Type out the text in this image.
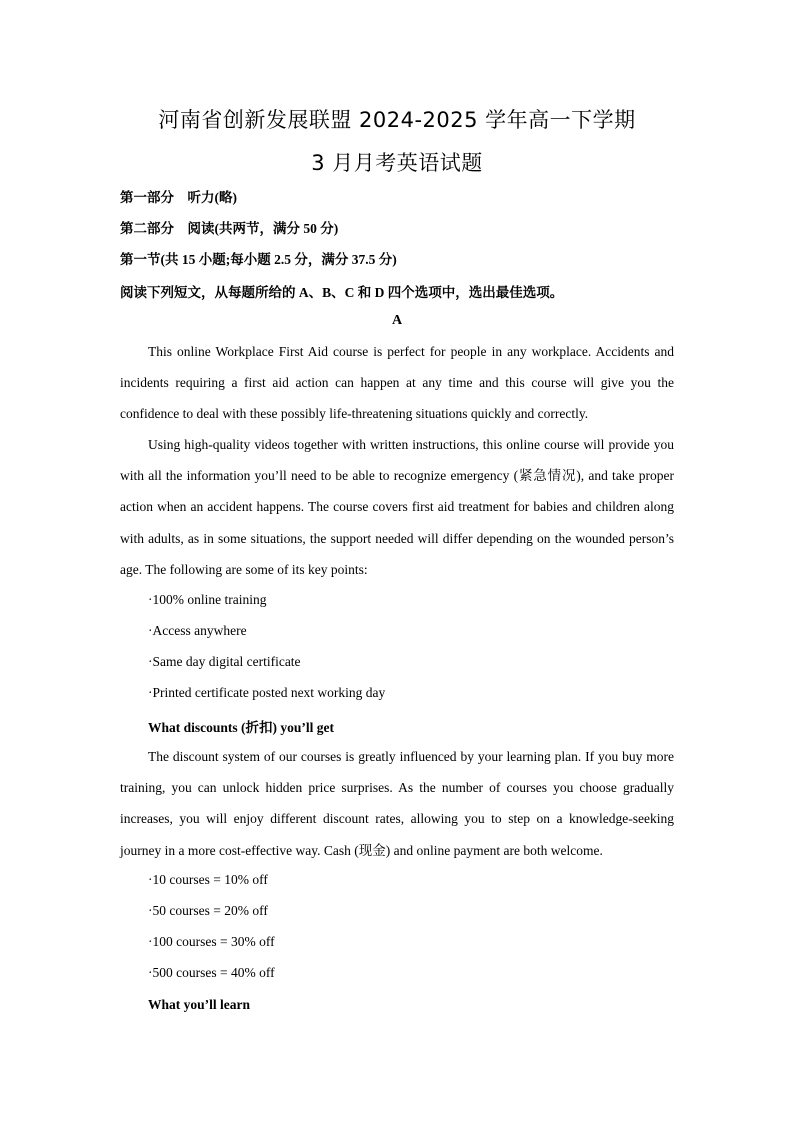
河南省创新发展联盟 2024-2025 学年高一下学期
3 月月考英语试题
第一部分　听力(略)
第二部分　阅读(共两节，满分 50 分)
第一节(共 15 小题;每小题 2.5 分，满分 37.5 分)
阅读下列短文，从每题所给的 A、B、C 和 D 四个选项中，选出最佳选项。
A

This online Workplace First Aid course is perfect for people in any workplace. Accidents and incidents requiring a first aid action can happen at any time and this course will give you the confidence to deal with these possibly life-threatening situations quickly and correctly.

Using high-quality videos together with written instructions, this online course will provide you with all the information you’ll need to be able to recognize emergency (紧急情况), and take proper action when an accident happens. The course covers first aid treatment for babies and children along with adults, as in some situations, the support needed will differ depending on the wounded person’s age. The following are some of its key points:

·100% online training
·Access anywhere
·Same day digital certificate
·Printed certificate posted next working day
What discounts (折扣) you’ll get

The discount system of our courses is greatly influenced by your learning plan. If you buy more training, you can unlock hidden price surprises. As the number of courses you choose gradually increases, you will enjoy different discount rates, allowing you to step on a knowledge-seeking journey in a more cost-effective way. Cash (现金) and online payment are both welcome.

·10 courses = 10% off
·50 courses = 20% off
·100 courses = 30% off
·500 courses = 40% off
What you’ll learn
